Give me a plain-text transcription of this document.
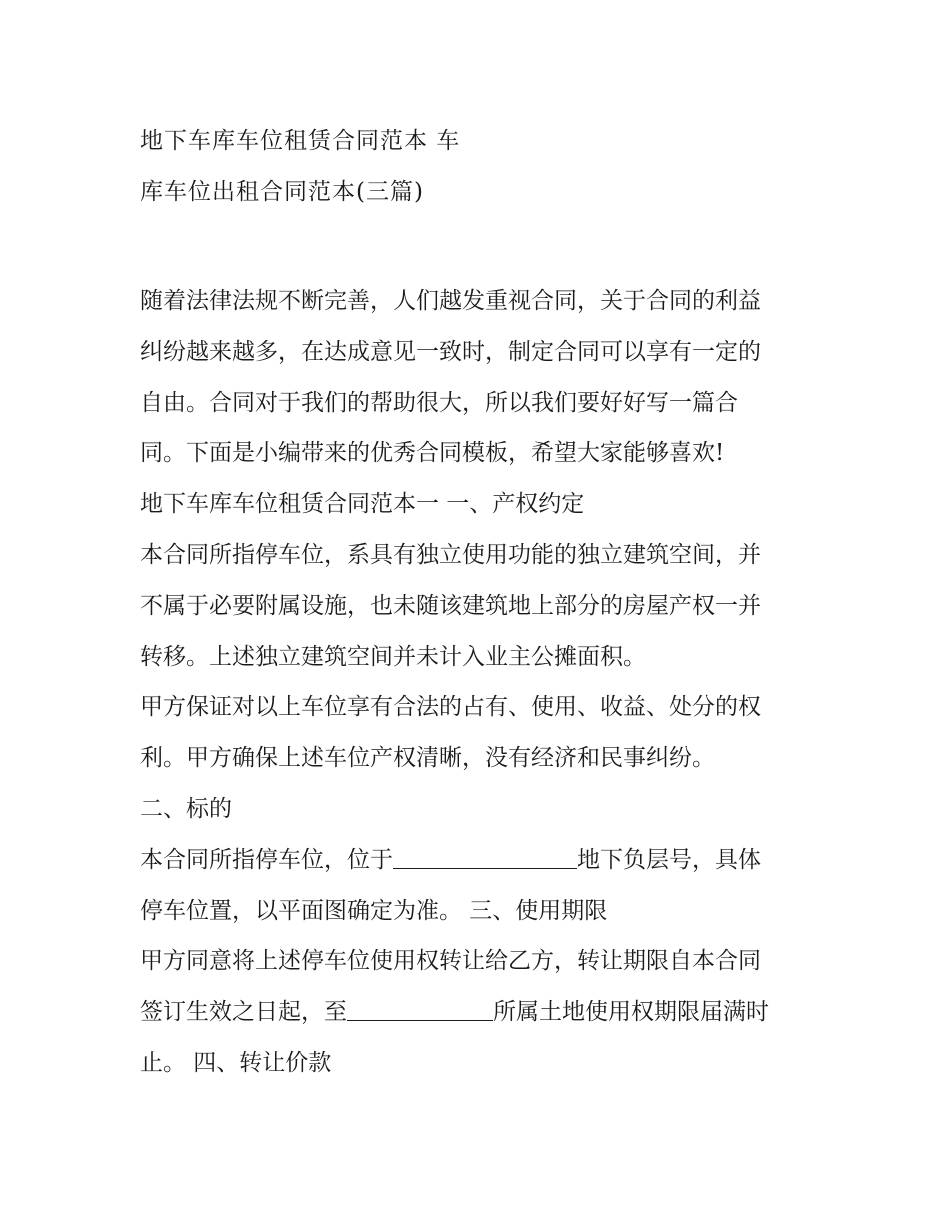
地下车库车位租赁合同范本 车
库车位出租合同范本(三篇)
随着法律法规不断完善，人们越发重视合同，关于合同的利益
纠纷越来越多，在达成意见一致时，制定合同可以享有一定的
自由。合同对于我们的帮助很大，所以我们要好好写一篇合
同。下面是小编带来的优秀合同模板，希望大家能够喜欢!
地下车库车位租赁合同范本一 一、产权约定
本合同所指停车位，系具有独立使用功能的独立建筑空间，并
不属于必要附属设施，也未随该建筑地上部分的房屋产权一并
转移。上述独立建筑空间并未计入业主公摊面积。
甲方保证对以上车位享有合法的占有、使用、收益、处分的权
利。甲方确保上述车位产权清晰，没有经济和民事纠纷。
二、标的
本合同所指停车位，位于	地下负层号，具体
停车位置，以平面图确定为准。 三、使用期限
甲方同意将上述停车位使用权转让给乙方，转让期限自本合同
签订生效之日起，至	所属土地使用权期限届满时
止。 四、转让价款
